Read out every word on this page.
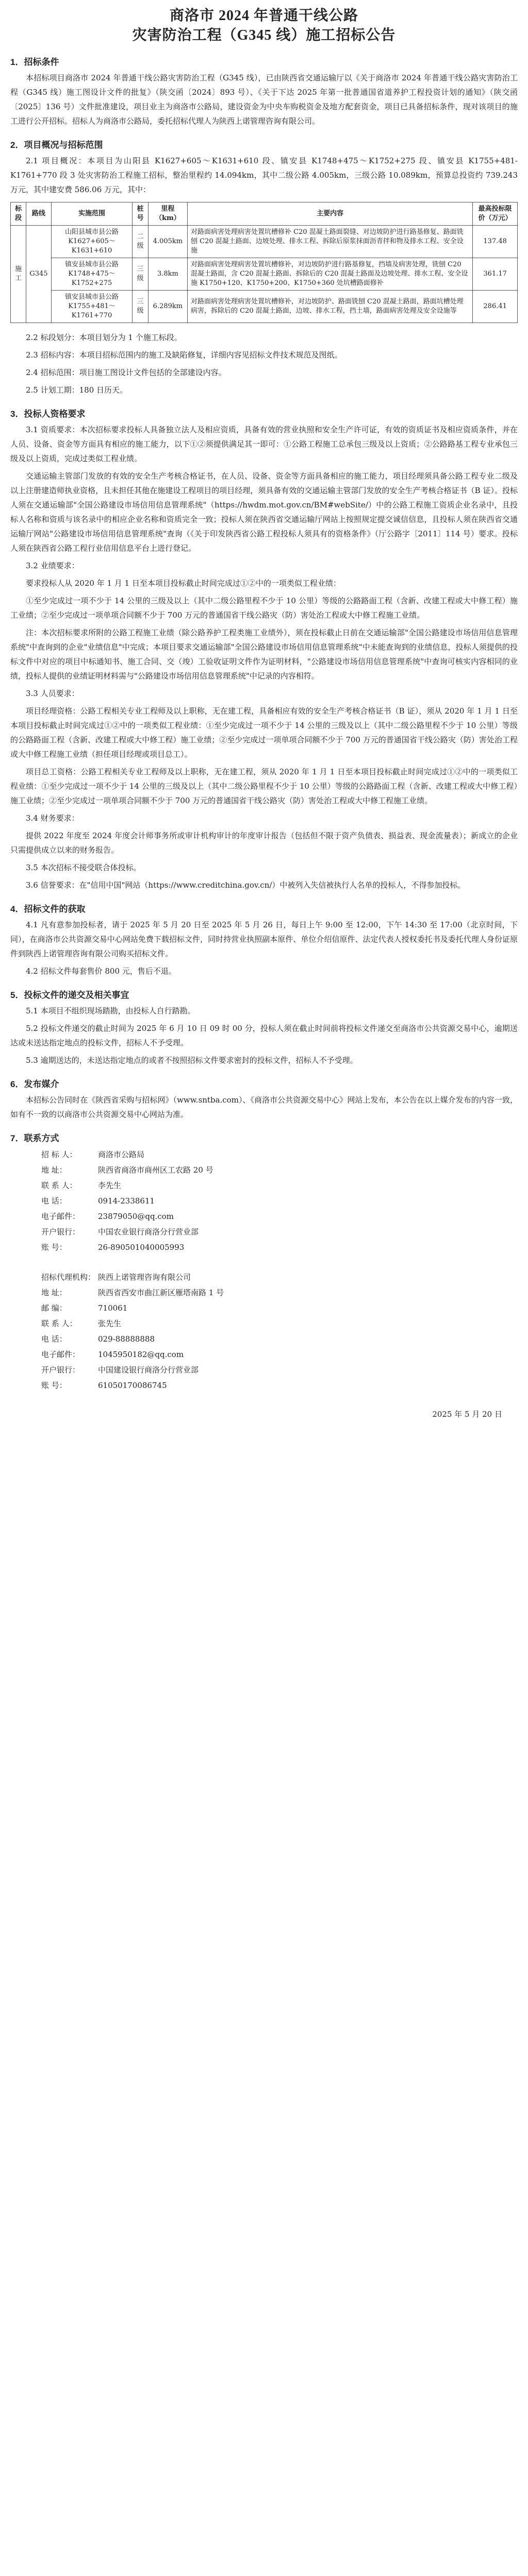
商洛市 2024 年普通干线公路
灾害防治工程（G345 线）施工招标公告
1．招标条件

本招标项目商洛市 2024 年普通干线公路灾害防治工程（G345 线），已由陕西省交通运输厅以《关于商洛市 2024 年普通干线公路灾害防治工程（G345 线）施工图设计文件的批复》（陕交函〔2024〕893 号）、《关于下达 2025 年第一批普通国省道养护工程投资计划的通知》（陕交函〔2025〕136 号）文件批准建设，项目业主为商洛市公路局，建设资金为中央车购税资金及地方配套资金，项目已具备招标条件，现对该项目的施工进行公开招标。招标人为商洛市公路局，委托招标代理人为陕西上诺管理咨询有限公司。

2．项目概况与招标范围

2.1 项目概况：本项目为山阳县 K1627+605～K1631+610 段、镇安县 K1748+475～K1752+275 段、镇安县 K1755+481-K1761+770 段 3 处灾害防治工程施工招标，整治里程约 14.094km，其中二级公路 4.005km，三级公路 10.089km，预算总投资约 739.243 万元，其中建安费 586.06 万元，其中：

标段	路线	实施范围	桩号	里程（km）	主要内容	最高投标限价（万元）
施工	G345	山阳县城市县公路 K1627+605～K1631+610	二级	4.005km	对路面病害处理病害处置坑槽修补 C20 混凝土路面裂缝、对边坡防护进行路基修复、路面铣刨 C20 混凝土路面、边坡处理、排水工程、拆除后原浆抹面沥青拌和物及排水工程、安全设施	137.48
		镇安县城市县公路 K1748+475～K1752+275	三级	3.8km	对路面病害处理病害处置坑槽修补，对边坡防护进行路基修复，挡墙及病害处理，铣刨 C20 混凝土路面，含 C20 混凝土路面、拆除后的 C20 混凝土路面及边坡处理、排水工程、安全设施 K1750+120、K1750+200、K1750+360 处坑槽路面修补	361.17
		镇安县城市县公路 K1755+481～K1761+770	三级	6.289km	对路面病害处理病害处置坑槽修补，对边坡防护、路面铣刨 C20 混凝土路面，路面坑槽处理病害，拆除后的 C20 混凝土路面，边坡、排水工程，挡土墙，路面病害处理及安全设施等	286.41

2.2 标段划分：本项目划分为 1 个施工标段。

2.3 招标内容：本项目招标范围内的施工及缺陷修复，详细内容见招标文件技术规范及图纸。

2.4 招标范围：项目施工图设计文件包括的全部建设内容。

2.5 计划工期：180 日历天。

3．投标人资格要求

3.1 资质要求：本次招标要求投标人具备独立法人及相应资质，具备有效的营业执照和安全生产许可证，有效的资质证书及相应资质条件，并在人员、设备、资金等方面具有相应的施工能力，以下①②须提供满足其一即可：①公路工程施工总承包三级及以上资质；②公路路基工程专业承包三级及以上资质，完成过类似工程业绩。

交通运输主管部门发放的有效的安全生产考核合格证书，在人员、设备、资金等方面具备相应的施工能力，项目经理须具备公路工程专业二级及以上注册建造师执业资格，且未担任其他在施建设工程项目的项目经理，须具备有效的交通运输主管部门发放的安全生产考核合格证书（B 证）。投标人须在交通运输部"全国公路建设市场信用信息管理系统"（https://hwdm.mot.gov.cn/BM#webSite/）中的公路工程施工资质企业名录中，且投标人名称和资质与该名录中的相应企业名称和资质完全一致；投标人须在陕西省交通运输厅网站上按照规定提交诚信信息，且投标人须在陕西省交通运输厅网站"公路建设市场信用信息管理系统"查询（《关于印发陕西省公路工程投标人须具有的资格条件》（厅公路字〔2011〕114 号）要求。投标人须在陕西省公路工程行业信用信息平台上进行登记。

3.2 业绩要求：

要求投标人从 2020 年 1 月 1 日至本项目投标截止时间完成过①②中的一项类似工程业绩：

①至少完成过一项不少于 14 公里的三级及以上（其中二级公路里程不少于 10 公里）等级的公路路面工程（含新、改建工程或大中修工程）施工业绩；②至少完成过一项单项合同额不少于 700 万元的普通国省干线公路灾（防）害处治工程或大中修工程施工业绩。

注：本次招标要求所附的公路工程施工业绩（除公路养护工程类施工业绩外），须在投标截止日前在交通运输部"全国公路建设市场信用信息管理系统"中查询到的企业"业绩信息"中完成；本项目要求交通运输部"全国公路建设市场信用信息管理系统"中未能查询到的业绩信息，投标人须提供的投标文件中对应的项目中标通知书、施工合同、交（竣）工验收证明文件作为证明材料，"公路建设市场信用信息管理系统"中查询可核实内容相同的业绩，投标人提供的业绩证明材料需与"公路建设市场信用信息管理系统"中记录的内容相符。

3.3 人员要求：

项目经理资格：公路工程相关专业工程师及以上职称，无在建工程，具备相应有效的安全生产考核合格证书（B 证），须从 2020 年 1 月 1 日至本项目投标截止时间完成过①②中的一项类似工程业绩：①至少完成过一项不少于 14 公里的三级及以上（其中二级公路里程不少于 10 公里）等级的公路路面工程（含新、改建工程或大中修工程）施工业绩；②至少完成过一项单项合同额不少于 700 万元的普通国省干线公路灾（防）害处治工程或大中修工程施工业绩（担任项目经理或项目总工）。

项目总工资格：公路工程相关专业工程师及以上职称，无在建工程，须从 2020 年 1 月 1 日至本项目投标截止时间完成过①②中的一项类似工程业绩：①至少完成过一项不少于 14 公里的三级及以上（其中二级公路里程不少于 10 公里）等级的公路路面工程（含新、改建工程或大中修工程）施工业绩；②至少完成过一项单项合同额不少于 700 万元的普通国省干线公路灾（防）害处治工程或大中修工程施工业绩。

3.4 财务要求：

提供 2022 年度至 2024 年度会计师事务所或审计机构审计的年度审计报告（包括但不限于资产负债表、损益表、现金流量表）；新成立的企业只需提供成立以来的财务报告。

3.5 本次招标不接受联合体投标。

3.6 信誉要求：在"信用中国"网站（https://www.creditchina.gov.cn/）中被列入失信被执行人名单的投标人，不得参加投标。

4．招标文件的获取

4.1 凡有意参加投标者，请于 2025 年 5 月 20 日至 2025 年 5 月 26 日，每日上午 9:00 至 12:00，下午 14:30 至 17:00（北京时间，下同），在商洛市公共资源交易中心网站免费下载招标文件，同时持营业执照副本原件、单位介绍信原件、法定代表人授权委托书及委托代理人身份证原件到陕西上诺管理咨询有限公司购买招标文件。

4.2 招标文件每套售价 800 元，售后不退。

5．投标文件的递交及相关事宜

5.1 本项目不组织现场踏勘，由投标人自行踏勘。

5.2 投标文件递交的截止时间为 2025 年 6 月 10 日 09 时 00 分，投标人须在截止时间前将投标文件递交至商洛市公共资源交易中心，逾期送达或未送达指定地点的投标文件，招标人不予受理。

5.3 逾期送达的，未送达指定地点的或者不按照招标文件要求密封的投标文件，招标人不予受理。

6．发布媒介

本招标公告同时在《陕西省采购与招标网》（www.sntba.com）、《商洛市公共资源交易中心》网站上发布，本公告在以上媒介发布的内容一致，如有不一致的以商洛市公共资源交易中心网站为准。

7．联系方式
招 标 人：	商洛市公路局
地 址：	陕西省商洛市商州区工农路 20 号
联 系 人：	李先生
电 话：	0914-2338611
电子邮件： 23879050@qq.com
开户银行： 中国农业银行商洛分行营业部
账 号：	26-890501040005993
招标代理机构： 陕西上诺管理咨询有限公司
地 址：	陕西省西安市曲江新区雁塔南路 1 号
邮 编：	710061
联 系 人：	张先生
电 话：	029-88888888
电子邮件： 1045950182@qq.com
开户银行： 中国建设银行商洛分行营业部
账 号：	61050170086745
2025 年 5 月 20 日
